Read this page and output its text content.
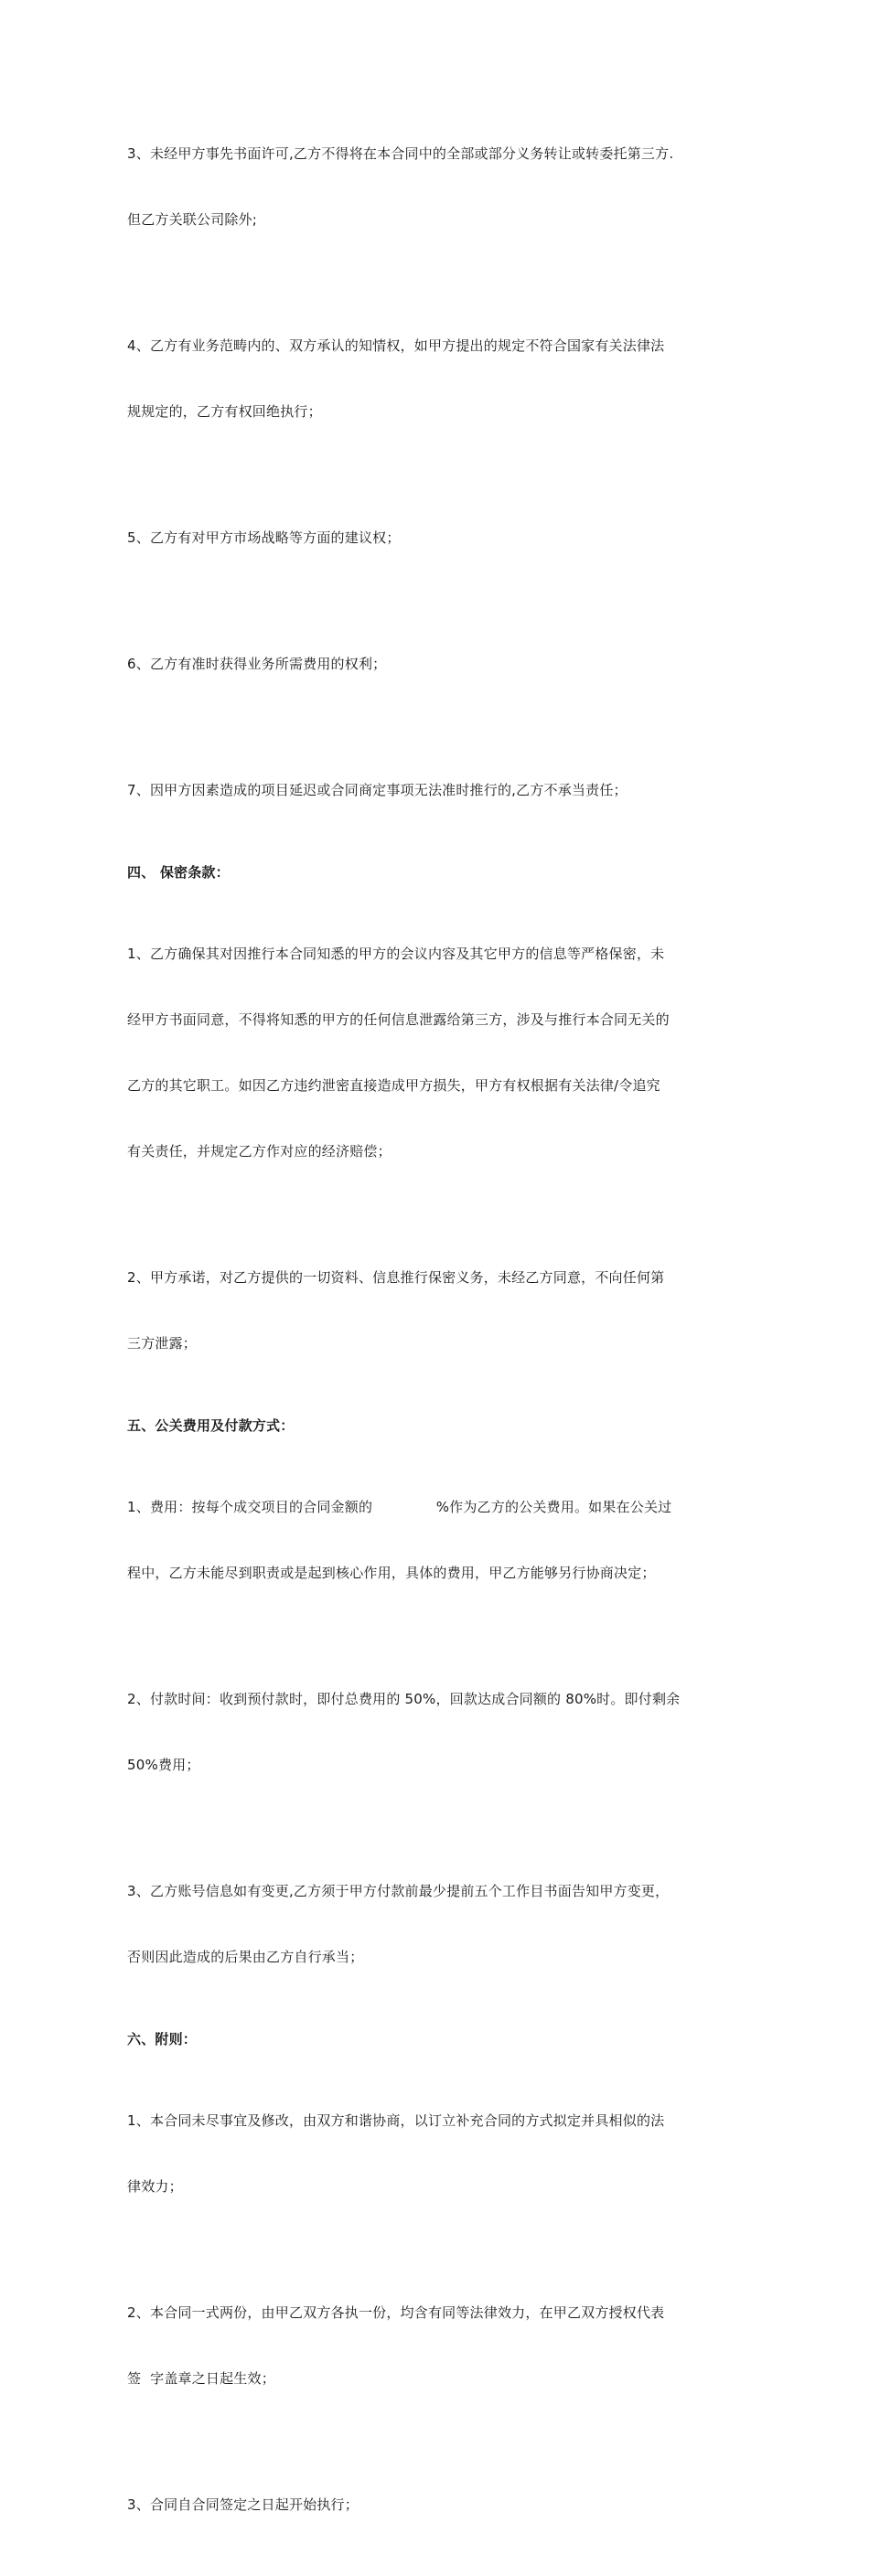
3、未经甲方事先书面许可,乙方不得将在本合同中的全部或部分义务转让或转委托第三方.

但乙方关联公司除外;

4、乙方有业务范畴内的、双方承认的知情权，如甲方提出的规定不符合国家有关法律法

规规定的，乙方有权回绝执行；

5、乙方有对甲方市场战略等方面的建议权；

6、乙方有准时获得业务所需费用的权利；

7、因甲方因素造成的项目延迟或合同商定事项无法准时推行的,乙方不承当责任；

四、 保密条款：

1、乙方确保其对因推行本合同知悉的甲方的会议内容及其它甲方的信息等严格保密，未

经甲方书面同意，不得将知悉的甲方的任何信息泄露给第三方，涉及与推行本合同无关的

乙方的其它职工。如因乙方违约泄密直接造成甲方损失，甲方有权根据有关法律/令追究

有关责任，并规定乙方作对应的经济赔偿；

2、甲方承诺，对乙方提供的一切资料、信息推行保密义务，未经乙方同意，不向任何第

三方泄露；

五、公关费用及付款方式：

1、费用：按每个成交项目的合同金额的              %作为乙方的公关费用。如果在公关过

程中，乙方未能尽到职责或是起到核心作用，具体的费用，甲乙方能够另行协商决定；

2、付款时间：收到预付款时，即付总费用的 50%，回款达成合同额的 80%时。即付剩余

50%费用；

3、乙方账号信息如有变更,乙方须于甲方付款前最少提前五个工作目书面告知甲方变更，

否则因此造成的后果由乙方自行承当；

六、附则：

1、本合同未尽事宜及修改，由双方和谐协商，以订立补充合同的方式拟定并具相似的法

律效力；

2、本合同一式两份，由甲乙双方各执一份，均含有同等法律效力，在甲乙双方授权代表

签  字盖章之日起生效；

3、合同自合同签定之日起开始执行；
